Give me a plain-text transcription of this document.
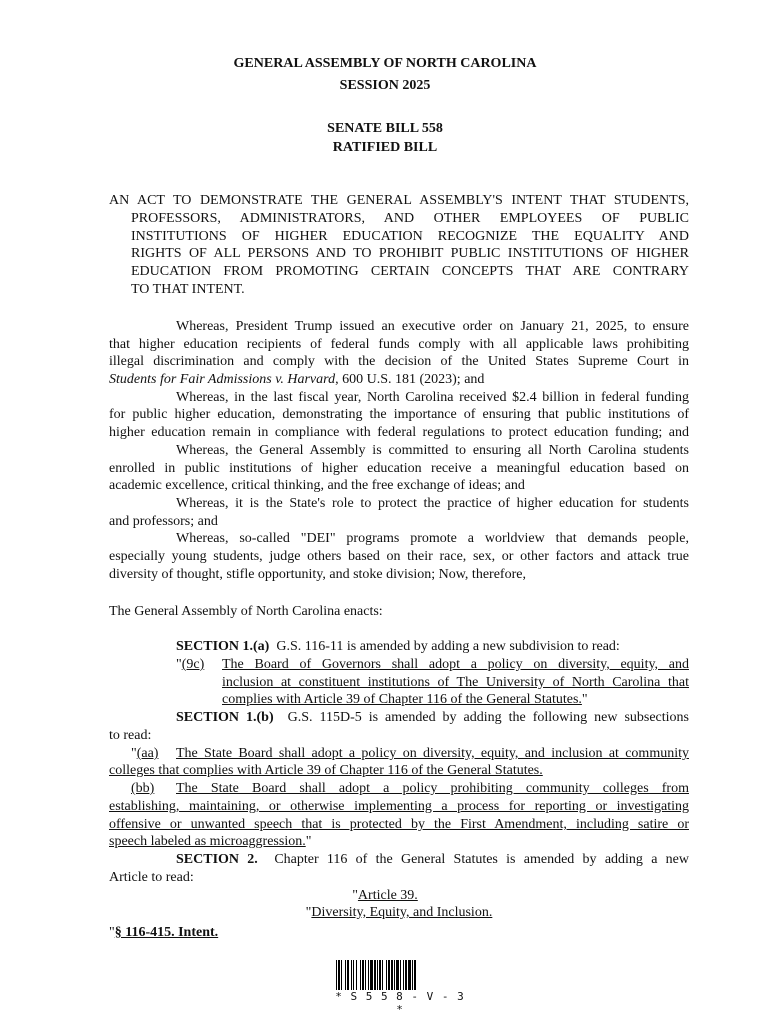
GENERAL ASSEMBLY OF NORTH CAROLINA
SESSION 2025
SENATE BILL 558
RATIFIED BILL
AN ACT TO DEMONSTRATE THE GENERAL ASSEMBLY'S INTENT THAT STUDENTS,
PROFESSORS, ADMINISTRATORS, AND OTHER EMPLOYEES OF PUBLIC
INSTITUTIONS OF HIGHER EDUCATION RECOGNIZE THE EQUALITY AND
RIGHTS OF ALL PERSONS AND TO PROHIBIT PUBLIC INSTITUTIONS OF HIGHER
EDUCATION FROM PROMOTING CERTAIN CONCEPTS THAT ARE CONTRARY
TO THAT INTENT.
Whereas, President Trump issued an executive order on January 21, 2025, to ensure
that higher education recipients of federal funds comply with all applicable laws prohibiting
illegal discrimination and comply with the decision of the United States Supreme Court in
Students for Fair Admissions v. Harvard, 600 U.S. 181 (2023); and
Whereas, in the last fiscal year, North Carolina received $2.4 billion in federal funding
for public higher education, demonstrating the importance of ensuring that public institutions of
higher education remain in compliance with federal regulations to protect education funding; and
Whereas, the General Assembly is committed to ensuring all North Carolina students
enrolled in public institutions of higher education receive a meaningful education based on
academic excellence, critical thinking, and the free exchange of ideas; and
Whereas, it is the State's role to protect the practice of higher education for students
and professors; and
Whereas, so-called "DEI" programs promote a worldview that demands people,
especially young students, judge others based on their race, sex, or other factors and attack true
diversity of thought, stifle opportunity, and stoke division; Now, therefore,
The General Assembly of North Carolina enacts:
SECTION 1.(a) G.S. 116-11 is amended by adding a new subdivision to read:
"(9c) The Board of Governors shall adopt a policy on diversity, equity, and
inclusion at constituent institutions of The University of North Carolina that
complies with Article 39 of Chapter 116 of the General Statutes."
SECTION 1.(b) G.S. 115D-5 is amended by adding the following new subsections
to read:
"(aa) The State Board shall adopt a policy on diversity, equity, and inclusion at community
colleges that complies with Article 39 of Chapter 116 of the General Statutes.
(bb) The State Board shall adopt a policy prohibiting community colleges from
establishing, maintaining, or otherwise implementing a process for reporting or investigating
offensive or unwanted speech that is protected by the First Amendment, including satire or
speech labeled as microaggression."
SECTION 2. Chapter 116 of the General Statutes is amended by adding a new
Article to read:
"Article 39.
"Diversity, Equity, and Inclusion.
"§ 116-415. Intent.
* S 5 5 8 - V - 3 *
